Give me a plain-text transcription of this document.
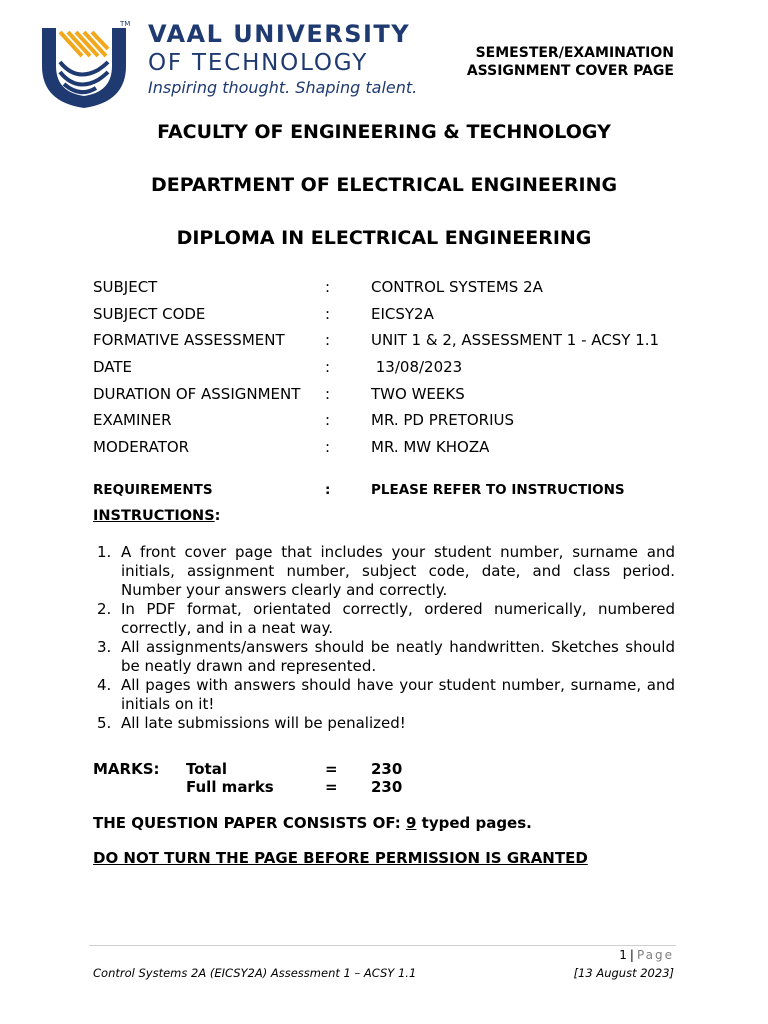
TM VAAL UNIVERSITY
OF TECHNOLOGY
Inspiring thought. Shaping talent.
SEMESTER/EXAMINATION
ASSIGNMENT COVER PAGE
FACULTY OF ENGINEERING & TECHNOLOGY
DEPARTMENT OF ELECTRICAL ENGINEERING
DIPLOMA IN ELECTRICAL ENGINEERING
SUBJECT	:	CONTROL SYSTEMS 2A
SUBJECT CODE	:	EICSY2A
FORMATIVE ASSESSMENT	:	UNIT 1 & 2, ASSESSMENT 1 - ACSY 1.1
DATE	:	13/08/2023
DURATION OF ASSIGNMENT :	TWO WEEKS
EXAMINER	:	MR. PD PRETORIUS
MODERATOR	:	MR. MW KHOZA
REQUIREMENTS	:	PLEASE REFER TO INSTRUCTIONS
INSTRUCTIONS:
1. A front cover page that includes your student number, surname and initials, assignment number, subject code, date, and class period. Number your answers clearly and correctly.
2. In PDF format, orientated correctly, ordered numerically, numbered correctly, and in a neat way.
3. All assignments/answers should be neatly handwritten. Sketches should be neatly drawn and represented.
4. All pages with answers should have your student number, surname, and initials on it!
5. All late submissions will be penalized!
MARKS: Total	= 230
Full marks	= 230
THE QUESTION PAPER CONSISTS OF: 9 typed pages.
DO NOT TURN THE PAGE BEFORE PERMISSION IS GRANTED
1 | Page
Control Systems 2A (EICSY2A) Assessment 1 – ACSY 1.1	[13 August 2023]
